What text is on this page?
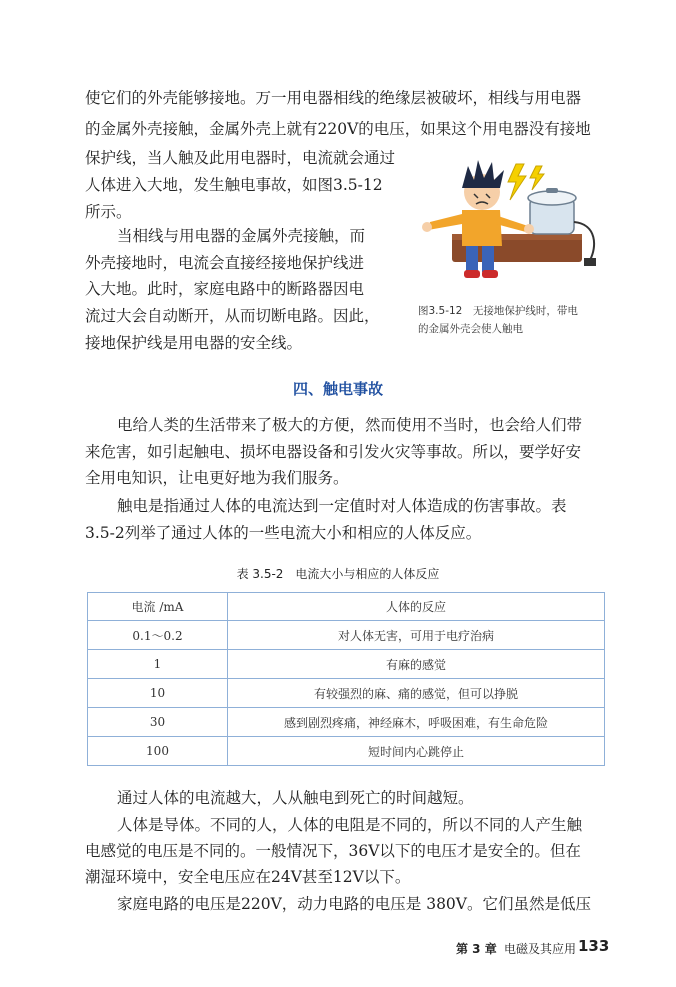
使它们的外壳能够接地。万一用电器相线的绝缘层被破坏，相线与用电器

的金属外壳接触，金属外壳上就有220V的电压，如果这个用电器没有接地

保护线，当人触及此用电器时，电流就会通过

人体进入大地，发生触电事故，如图3.5-12

所示。

当相线与用电器的金属外壳接触，而

外壳接地时，电流会直接经接地保护线进

入大地。此时，家庭电路中的断路器因电

流过大会自动断开，从而切断电路。因此，

接地保护线是用电器的安全线。

图3.5-12　无接地保护线时，带电
的金属外壳会使人触电
四、触电事故

电给人类的生活带来了极大的方便，然而使用不当时，也会给人们带

来危害，如引起触电、损坏电器设备和引发火灾等事故。所以，要学好安

全用电知识，让电更好地为我们服务。

触电是指通过人体的电流达到一定值时对人体造成的伤害事故。表

3.5-2列举了通过人体的一些电流大小和相应的人体反应。

表 3.5-2　电流大小与相应的人体反应
电流 /mA	人体的反应
0.1～0.2	对人体无害，可用于电疗治病
1	有麻的感觉
10	有较强烈的麻、痛的感觉，但可以挣脱
30	感到剧烈疼痛，神经麻木，呼吸困难，有生命危险
100	短时间内心跳停止

通过人体的电流越大，人从触电到死亡的时间越短。

人体是导体。不同的人，人体的电阻是不同的，所以不同的人产生触

电感觉的电压是不同的。一般情况下，36V以下的电压才是安全的。但在

潮湿环境中，安全电压应在24V甚至12V以下。

家庭电路的电压是220V，动力电路的电压是 380V。它们虽然是低压

第 3 章 电磁及其应用 133
